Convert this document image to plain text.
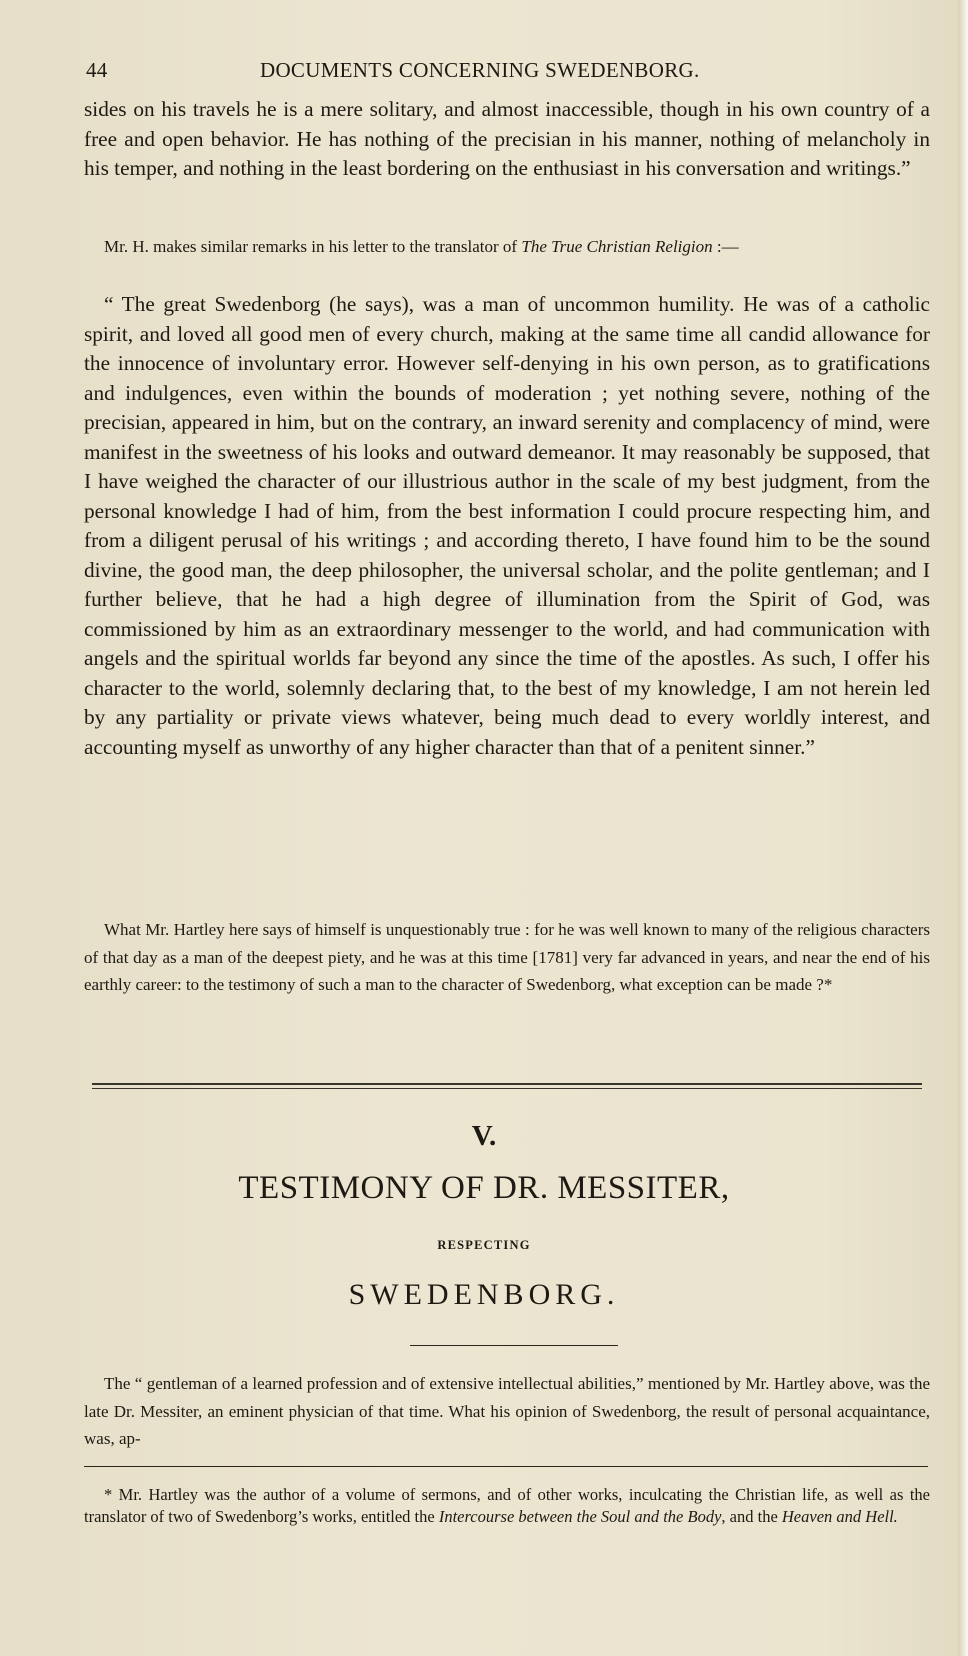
44	DOCUMENTS CONCERNING SWEDENBORG.

sides on his travels he is a mere solitary, and almost inaccessible, though in his own country of a free and open behavior. He has nothing of the precisian in his manner, nothing of melancholy in his temper, and nothing in the least bordering on the enthusiast in his conversation and writings.”

Mr. H. makes similar remarks in his letter to the translator of The True Christian Religion :—

“ The great Swedenborg (he says), was a man of uncommon humility. He was of a catholic spirit, and loved all good men of every church, making at the same time all candid allowance for the innocence of involuntary error. However self-denying in his own person, as to gratifications and indulgences, even within the bounds of moderation ; yet nothing severe, nothing of the precisian, appeared in him, but on the contrary, an inward serenity and complacency of mind, were manifest in the sweetness of his looks and outward demeanor. It may reasonably be supposed, that I have weighed the character of our illustrious author in the scale of my best judgment, from the personal knowledge I had of him, from the best information I could procure respecting him, and from a diligent perusal of his writings ; and according thereto, I have found him to be the sound divine, the good man, the deep philosopher, the universal scholar, and the polite gentleman; and I further believe, that he had a high degree of illumination from the Spirit of God, was commissioned by him as an extraordinary messenger to the world, and had communication with angels and the spiritual worlds far beyond any since the time of the apostles. As such, I offer his character to the world, solemnly declaring that, to the best of my knowledge, I am not herein led by any partiality or private views whatever, being much dead to every worldly interest, and accounting myself as unworthy of any higher character than that of a penitent sinner.”

What Mr. Hartley here says of himself is unquestionably true : for he was well known to many of the religious characters of that day as a man of the deepest piety, and he was at this time [1781] very far advanced in years, and near the end of his earthly career: to the testimony of such a man to the character of Swedenborg, what exception can be made ?*

V.
TESTIMONY OF DR. MESSITER,
RESPECTING
SWEDENBORG.

The “ gentleman of a learned profession and of extensive intellectual abilities,” mentioned by Mr. Hartley above, was the late Dr. Messiter, an eminent physician of that time. What his opinion of Swedenborg, the result of personal acquaintance, was, ap-

* Mr. Hartley was the author of a volume of sermons, and of other works, inculcating the Christian life, as well as the translator of two of Swedenborg’s works, entitled the Intercourse between the Soul and the Body, and the Heaven and Hell.
